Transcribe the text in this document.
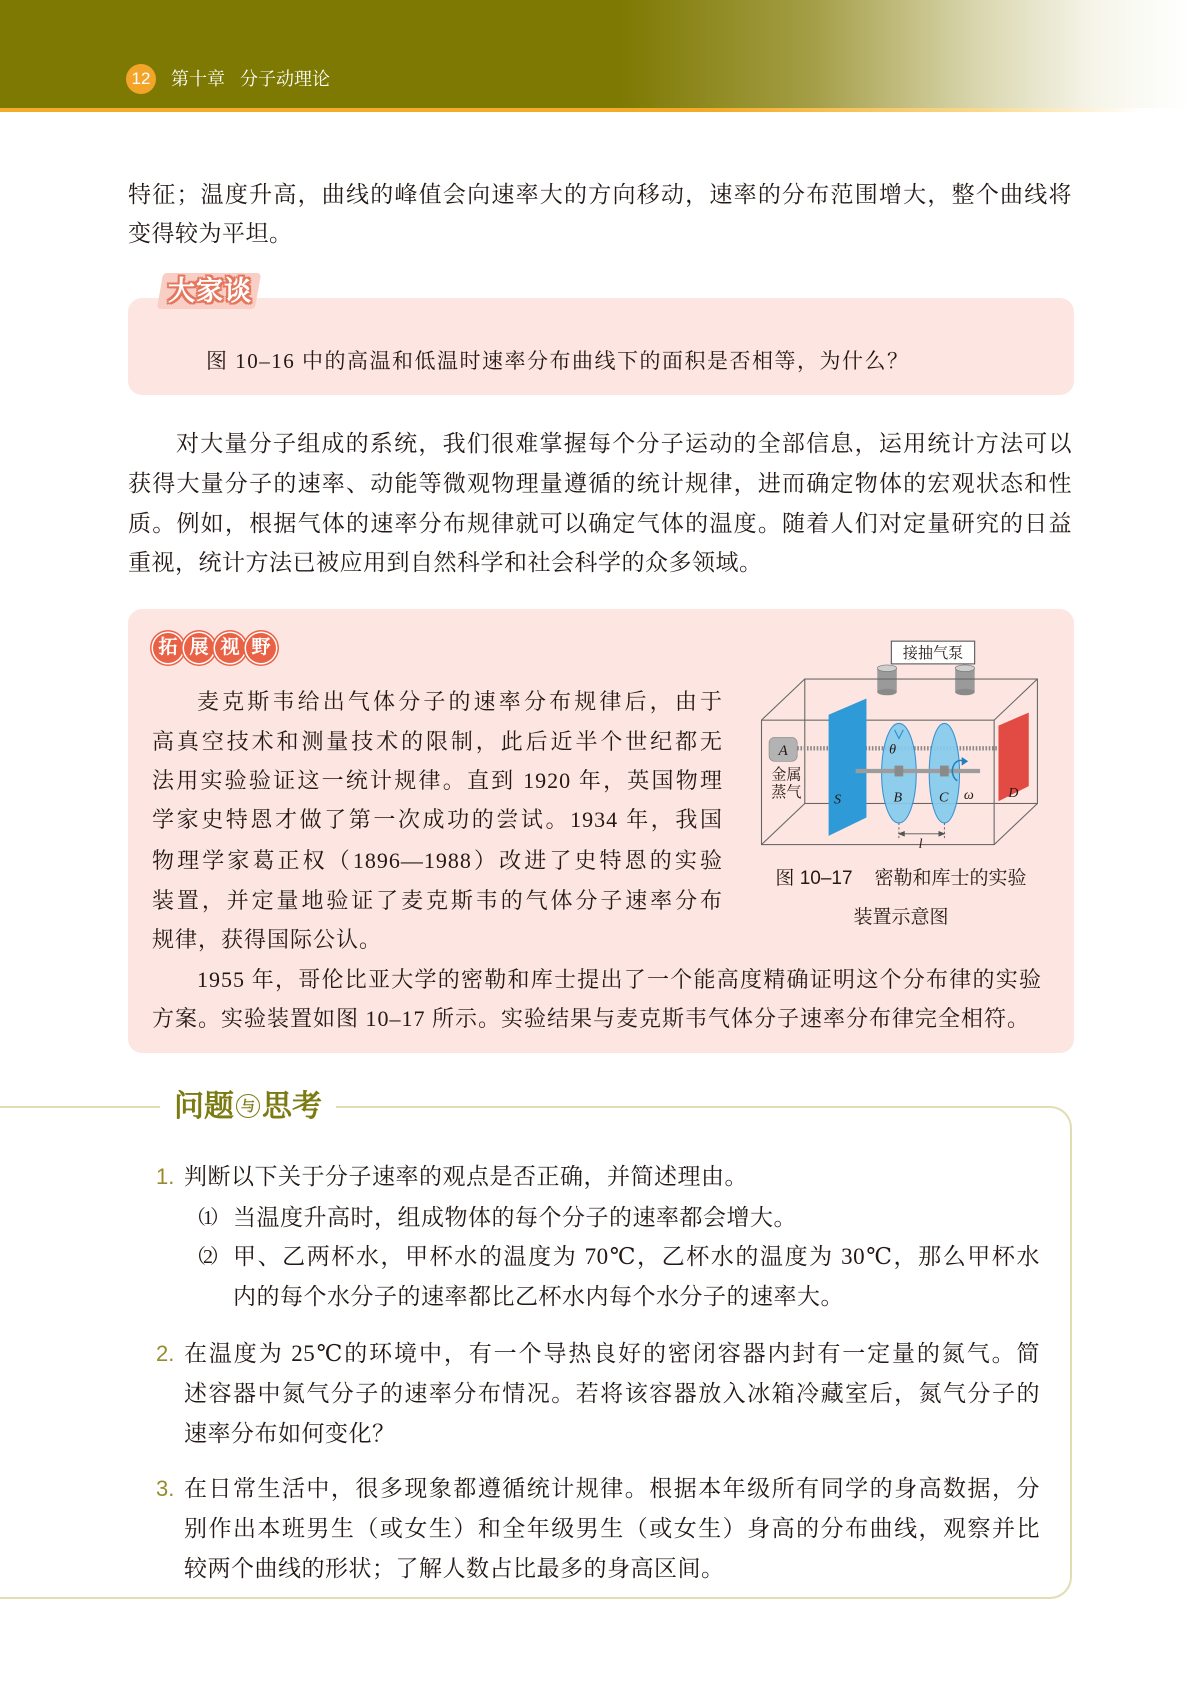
12	第十章 分子动理论
特征；温度升高，曲线的峰值会向速率大的方向移动，速率的分布范围增大，整个曲线将
变得较为平坦。
大家谈
图 10–16 中的高温和低温时速率分布曲线下的面积是否相等，为什么？
对大量分子组成的系统，我们很难掌握每个分子运动的全部信息，运用统计方法可以
获得大量分子的速率、动能等微观物理量遵循的统计规律，进而确定物体的宏观状态和性
质。例如，根据气体的速率分布规律就可以确定气体的温度。随着人们对定量研究的日益
重视，统计方法已被应用到自然科学和社会科学的众多领域。
拓 展 视 野
麦克斯韦给出气体分子的速率分布规律后，由于
高真空技术和测量技术的限制，此后近半个世纪都无
法用实验验证这一统计规律。直到 1920 年，英国物理
学家史特恩才做了第一次成功的尝试。1934 年，我国
物理学家葛正权（1896—1988）改进了史特恩的实验
装置，并定量地验证了麦克斯韦的气体分子速率分布
规律，获得国际公认。
1955 年，哥伦比亚大学的密勒和库士提出了一个能高度精确证明这个分布律的实验
方案。实验装置如图 10–17 所示。实验结果与麦克斯韦气体分子速率分布律完全相符。
接抽气泵
A
金属
蒸气 S
θ
B	C ω	D
l
图 10–17 密勒和库士的实验
装置示意图
问题 与 思考
1. 判断以下关于分子速率的观点是否正确，并简述理由。
（1） 当温度升高时，组成物体的每个分子的速率都会增大。
（2） 甲、乙两杯水，甲杯水的温度为 70℃，乙杯水的温度为 30℃，那么甲杯水
内的每个水分子的速率都比乙杯水内每个水分子的速率大。
2. 在温度为 25℃的环境中，有一个导热良好的密闭容器内封有一定量的氮气。简
述容器中氮气分子的速率分布情况。若将该容器放入冰箱冷藏室后，氮气分子的
速率分布如何变化？
3. 在日常生活中，很多现象都遵循统计规律。根据本年级所有同学的身高数据，分
别作出本班男生（或女生）和全年级男生（或女生）身高的分布曲线，观察并比
较两个曲线的形状；了解人数占比最多的身高区间。
